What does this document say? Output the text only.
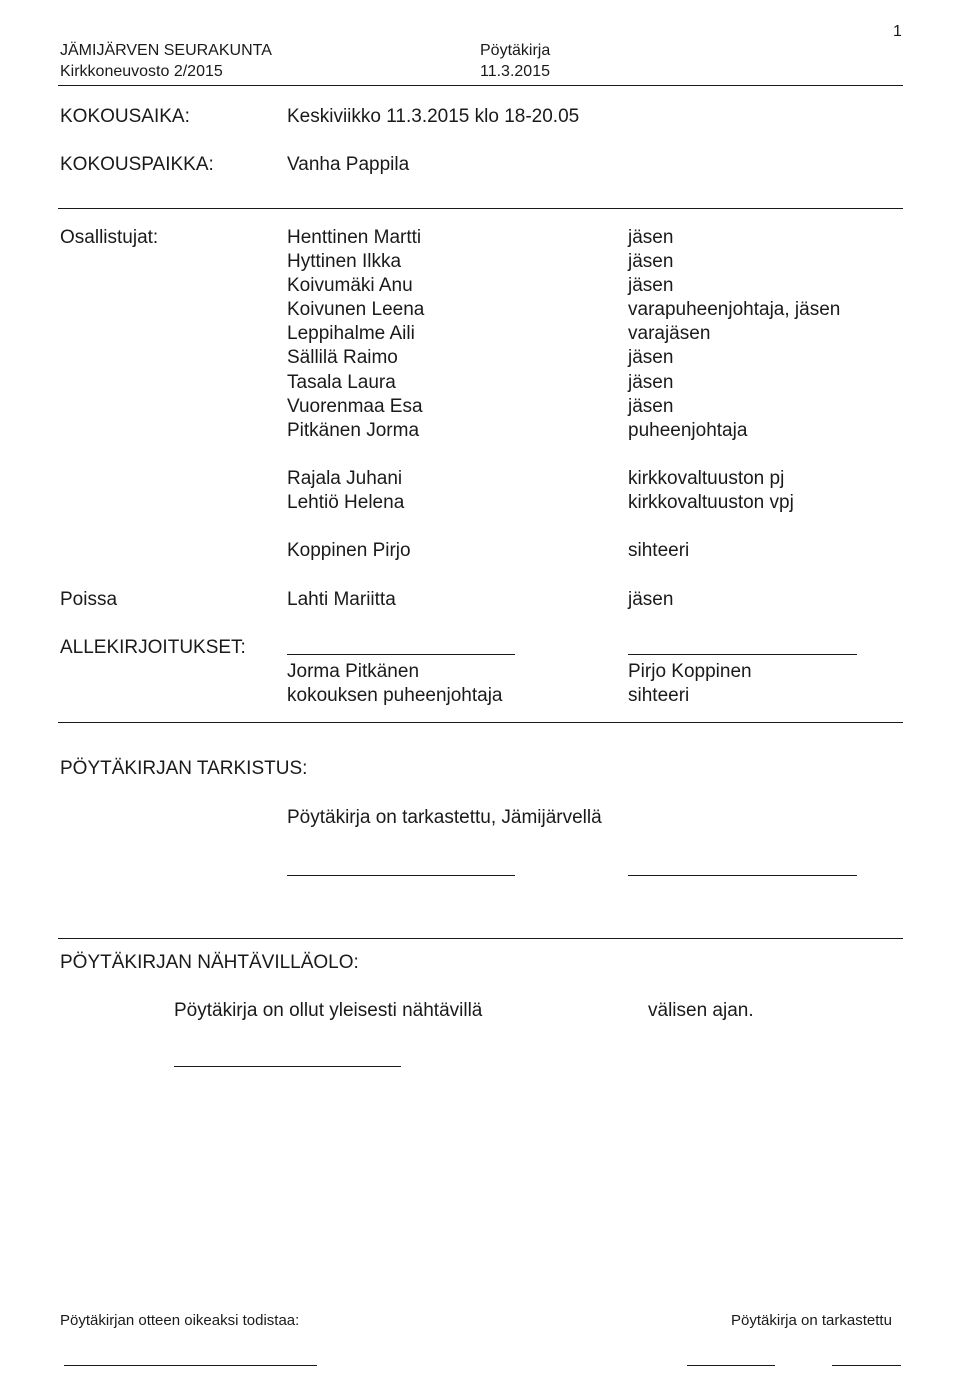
1
JÄMIJÄRVEN SEURAKUNTA	Pöytäkirja
Kirkkoneuvosto 2/2015	11.3.2015
KOKOUSAIKA:	Keskiviikko 11.3.2015 klo 18-20.05
KOKOUSPAIKKA:	Vanha Pappila
Osallistujat:	Henttinen Martti	jäsen
Hyttinen Ilkka	jäsen
Koivumäki Anu	jäsen
Koivunen Leena	varapuheenjohtaja, jäsen
Leppihalme Aili	varajäsen
Sällilä Raimo	jäsen
Tasala Laura	jäsen
Vuorenmaa Esa	jäsen
Pitkänen Jorma	puheenjohtaja
Rajala Juhani	kirkkovaltuuston pj
Lehtiö Helena	kirkkovaltuuston vpj
Koppinen Pirjo	sihteeri
Poissa	Lahti Mariitta	jäsen
ALLEKIRJOITUKSET:
Jorma Pitkänen	Pirjo Koppinen
kokouksen puheenjohtaja	sihteeri
PÖYTÄKIRJAN TARKISTUS:
Pöytäkirja on tarkastettu, Jämijärvellä
PÖYTÄKIRJAN NÄHTÄVILLÄOLO:
Pöytäkirja on ollut yleisesti nähtävillä	välisen ajan.
Pöytäkirjan otteen oikeaksi todistaa:	Pöytäkirja on tarkastettu
